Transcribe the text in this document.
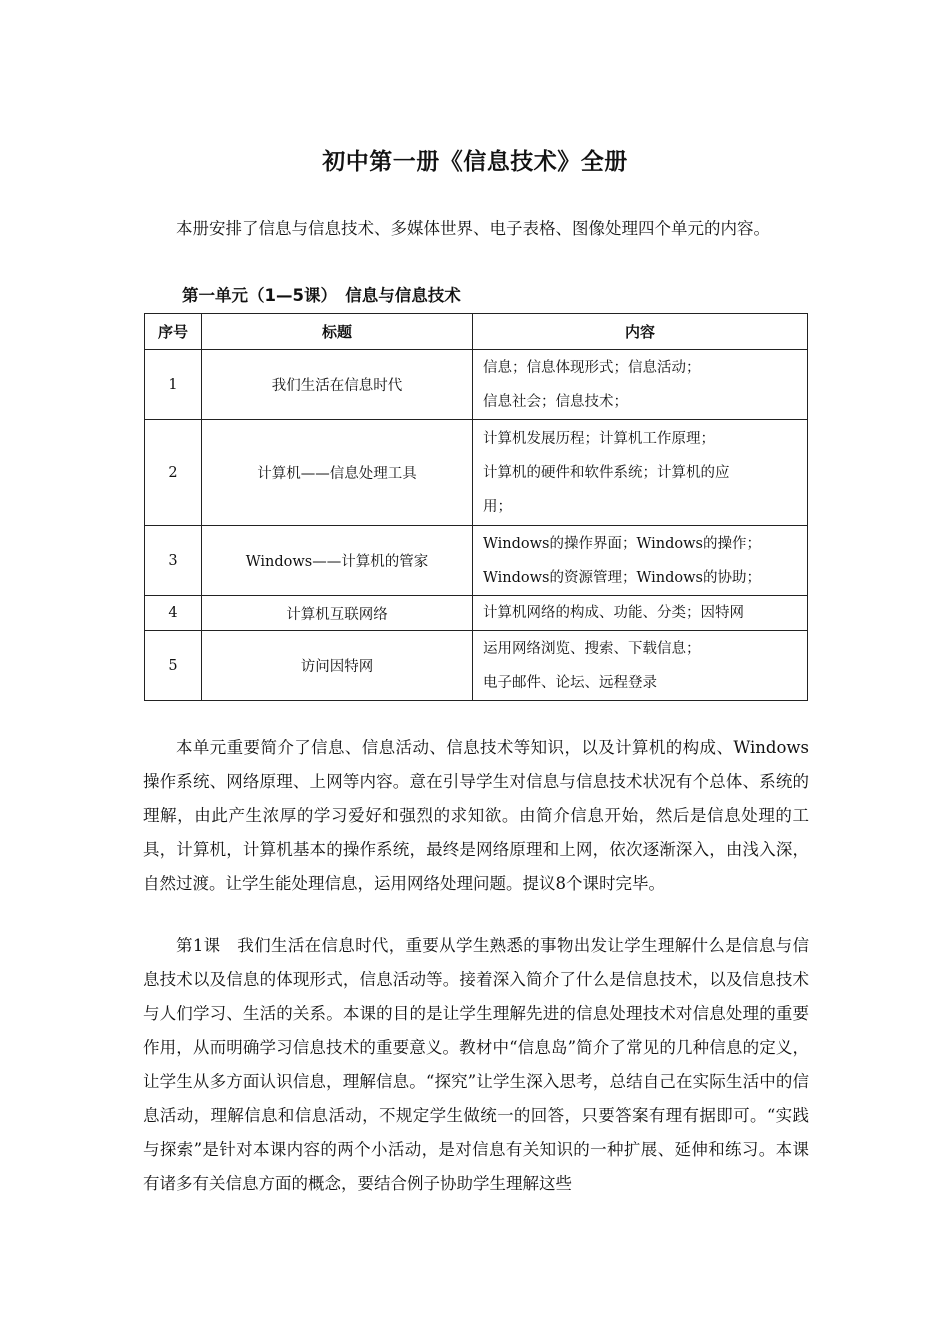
初中第一册《信息技术》全册

本册安排了信息与信息技术、多媒体世界、电子表格、图像处理四个单元的内容。

第一单元（1—5课）　信息与信息技术
序号	标题	内容
1	我们生活在信息时代	信息；信息体现形式；信息活动；
信息社会；信息技术；

2	计算机——信息处理工具	计算机发展历程；计算机工作原理；
计算机的硬件和软件系统；计算机的应
用；

3	Windows——计算机的管家	Windows的操作界面；Windows的操作；
Windows的资源管理；Windows的协助；

4	计算机互联网络	计算机网络的构成、功能、分类；因特网

5	访问因特网	运用网络浏览、搜索、下载信息；
电子邮件、论坛、远程登录

本单元重要简介了信息、信息活动、信息技术等知识，以及计算机的构成、Windows操作系统、网络原理、上网等内容。意在引导学生对信息与信息技术状况有个总体、系统的理解，由此产生浓厚的学习爱好和强烈的求知欲。由简介信息开始，然后是信息处理的工具，计算机，计算机基本的操作系统，最终是网络原理和上网，依次逐渐深入，由浅入深，自然过渡。让学生能处理信息，运用网络处理问题。提议8个课时完毕。

第1课　我们生活在信息时代，重要从学生熟悉的事物出发让学生理解什么是信息与信息技术以及信息的体现形式，信息活动等。接着深入简介了什么是信息技术，以及信息技术与人们学习、生活的关系。本课的目的是让学生理解先进的信息处理技术对信息处理的重要作用，从而明确学习信息技术的重要意义。教材中“信息岛”简介了常见的几种信息的定义，让学生从多方面认识信息，理解信息。“探究”让学生深入思考，总结自己在实际生活中的信息活动，理解信息和信息活动，不规定学生做统一的回答，只要答案有理有据即可。“实践与探索”是针对本课内容的两个小活动，是对信息有关知识的一种扩展、延伸和练习。本课有诸多有关信息方面的概念，要结合例子协助学生理解这些
